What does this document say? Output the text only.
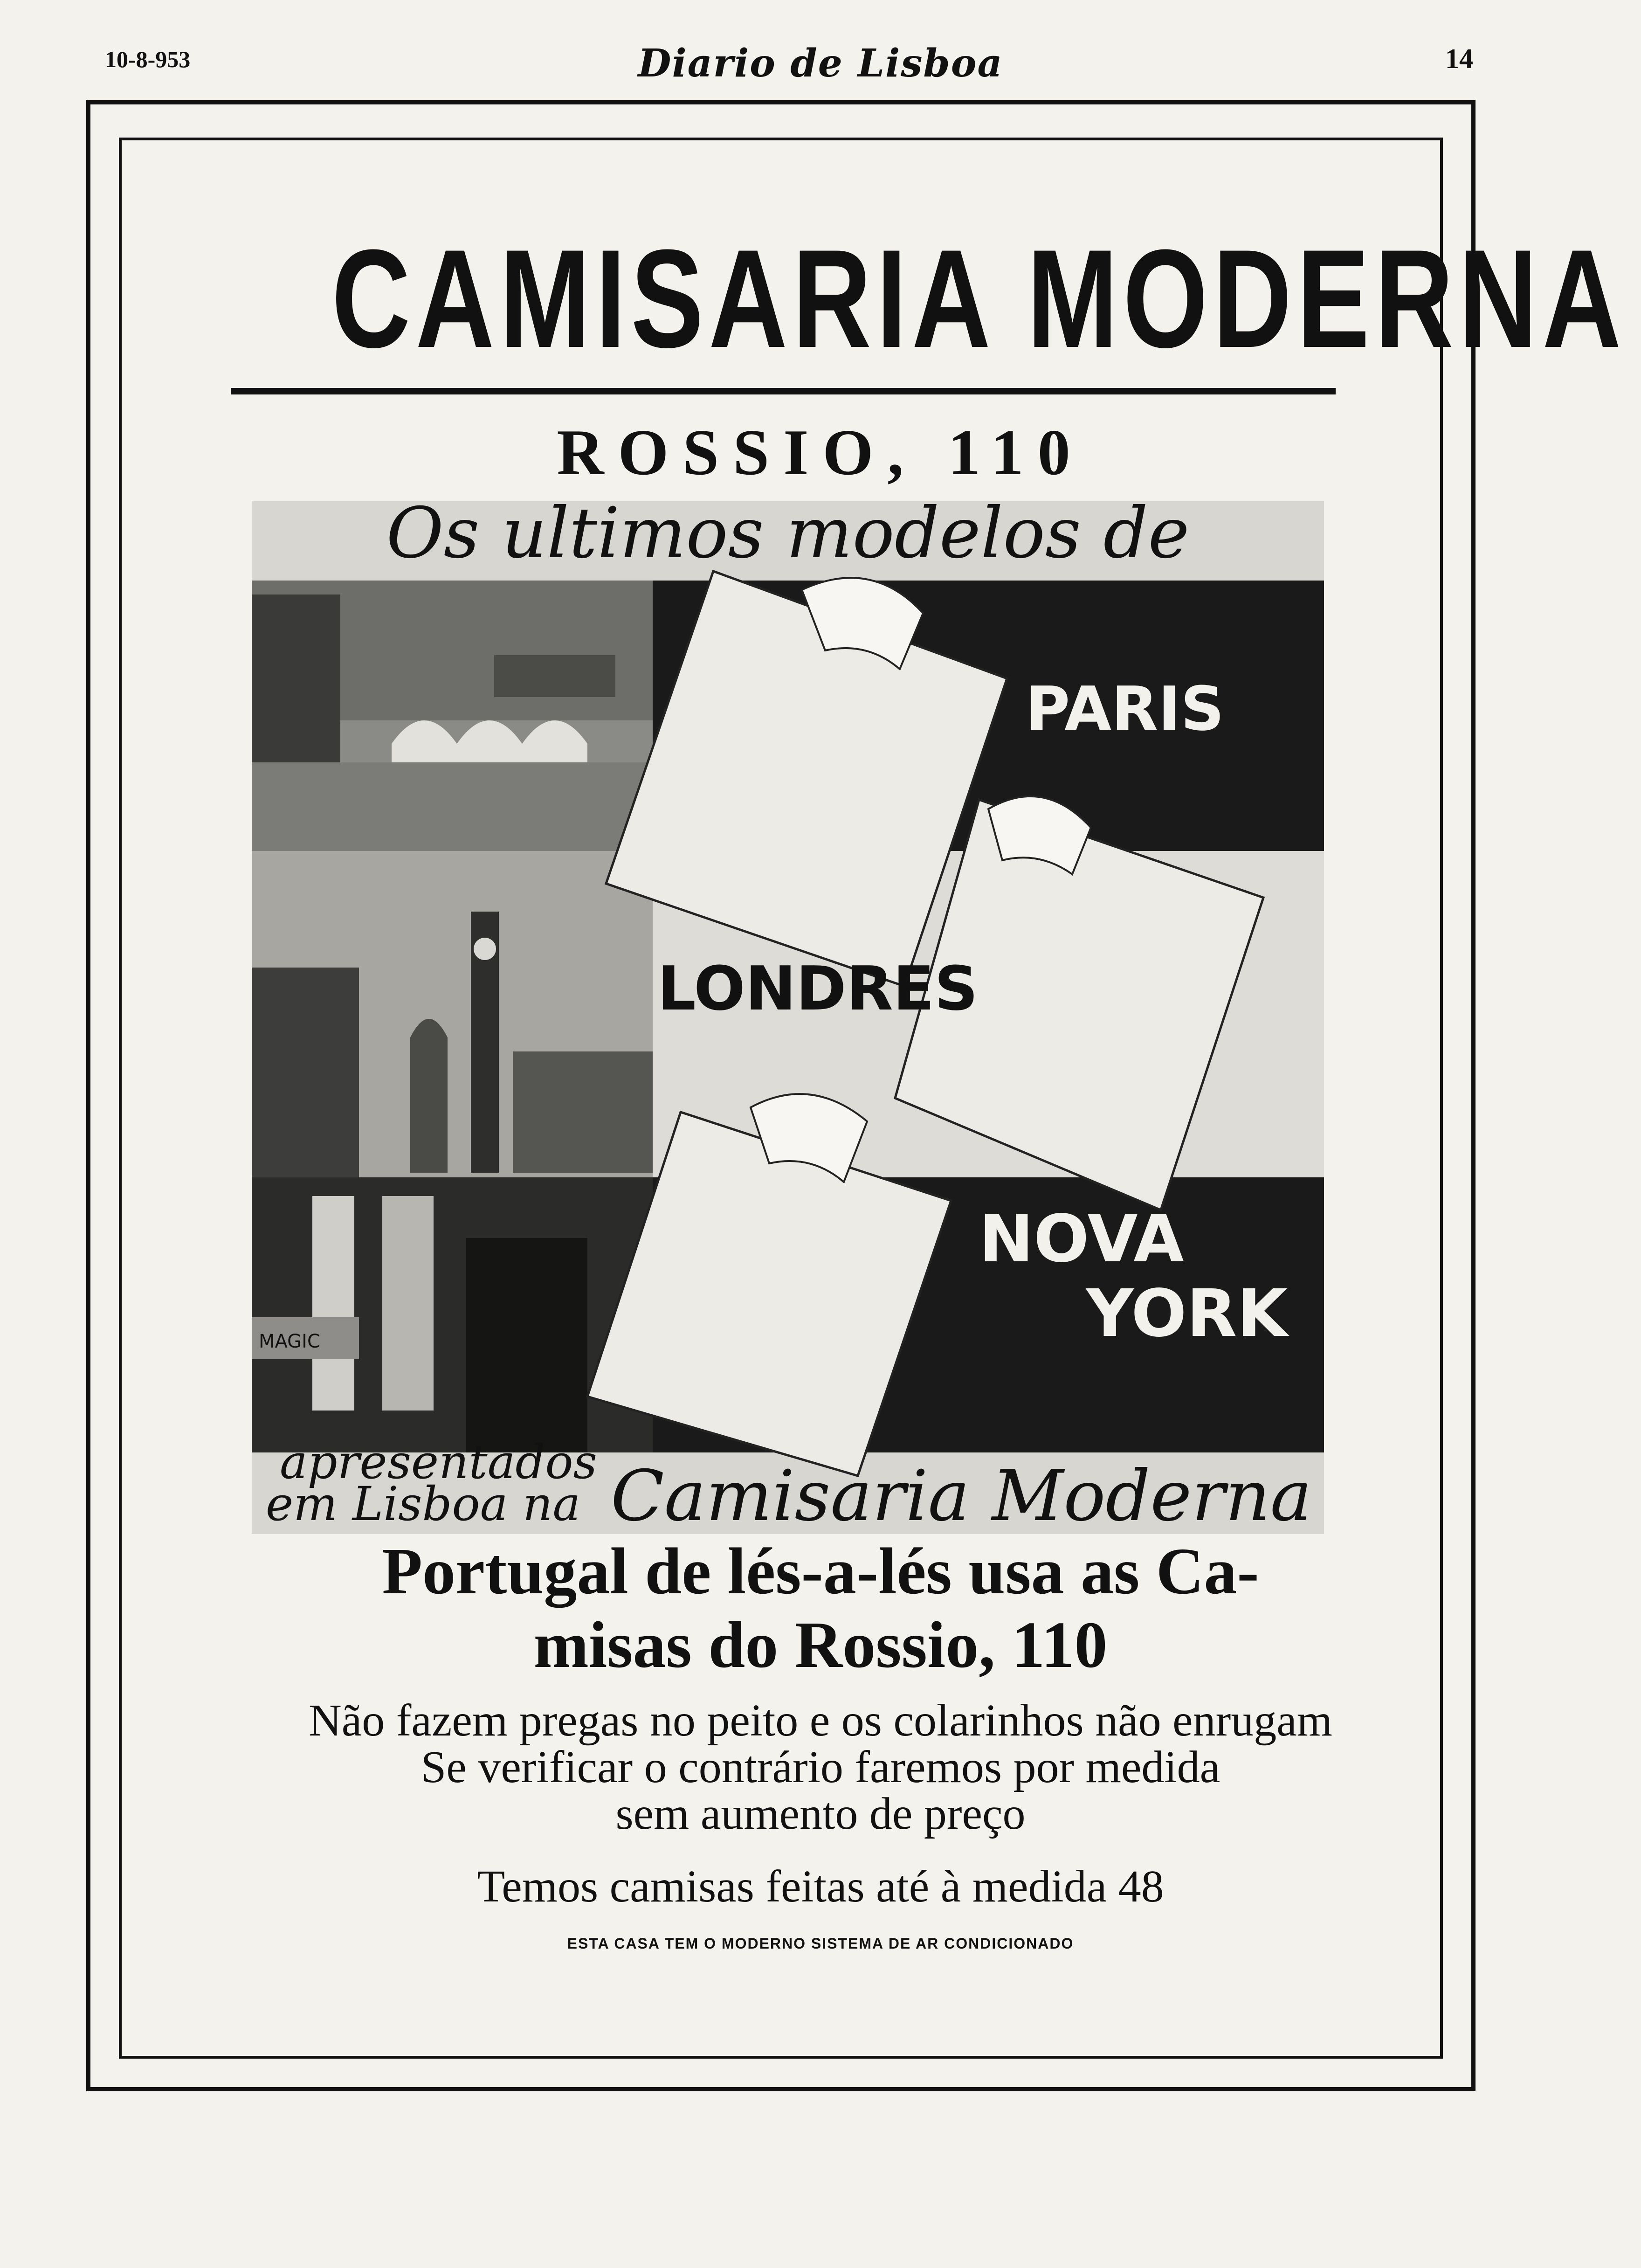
10-8-953	Diario de Lisboa	14
CAMISARIA MODERNA
ROSSIO, 110
MAGIC
Os ultimos modelos de
PARIS
LONDRES
NOVA
YORK
apresentados
em Lisboa na Camisaria Moderna
Portugal de lés-a-lés usa as Ca-
misas do Rossio, 110
Não fazem pregas no peito e os colarinhos não enrugam
Se verificar o contrário faremos por medida
sem aumento de preço
Temos camisas feitas até à medida 48
ESTA CASA TEM O MODERNO SISTEMA DE AR CONDICIONADO
